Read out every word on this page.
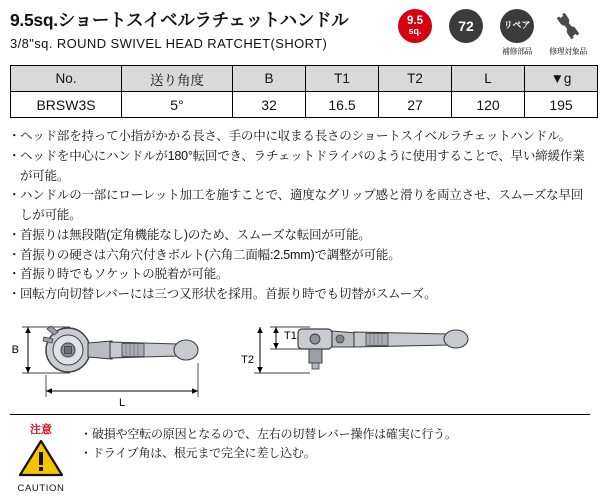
9.5sq.ショートスイベルラチェットハンドル
3/8"sq. ROUND SWIVEL HEAD RATCHET(SHORT)
9.5
sq.	72	リペア
補修部品	修理対象品
No.	送り角度	B	T1	T2	L	▼g
BRSW3S	5°	32	16.5	27	120	195

・ ヘッド部を持って小指がかかる長さ、手の中に収まる長さのショートスイベルラチェットハンドル。

・ ヘッドを中心にハンドルが180°転回でき、ラチェットドライバのように使用することで、早い締緩作業が可能。

・ ハンドルの一部にローレット加工を施すことで、適度なグリップ感と滑りを両立させ、スムーズな早回しが可能。

・ 首振りは無段階(定角機能なし)のため、スムーズな転回が可能。

・ 首振りの硬さは六角穴付きボルト(六角二面幅:2.5mm)で調整が可能。

・ 首振り時でもソケットの脱着が可能。

・ 回転方向切替レバーには三つ又形状を採用。首振り時でも切替がスムーズ。

B
L
T1
T2
注意
CAUTION

・ 破損や空転の原因となるので、左右の切替レバー操作は確実に行う。

・ ドライブ角は、根元まで完全に差し込む。
